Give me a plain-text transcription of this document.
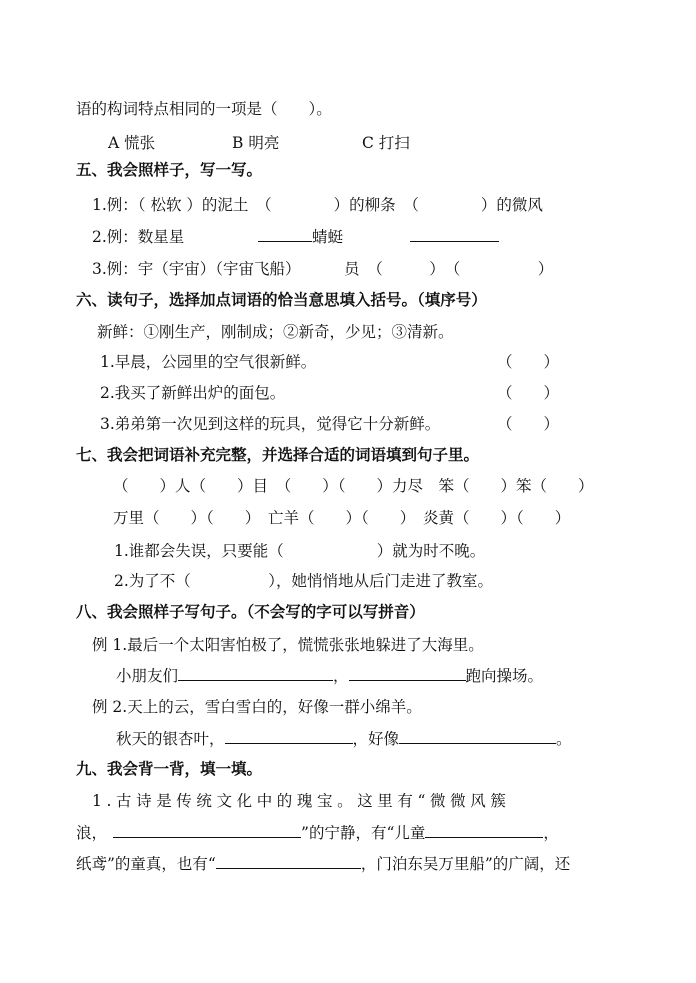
语的构词特点相同的一项是（　　）。
A 慌张	B 明亮	C 打扫
五、我会照样子，写一写。
1.例：（ 松软 ）的泥土　（　　　　）的柳条　（　　　　）的微风
2.例：数星星	蜻蜓
3.例：宇（宇宙）（宇宙飞船）	员　（　　　）　（　　　　　）
六、读句子，选择加点词语的恰当意思填入括号。（填序号）
新鲜：①刚生产，刚制成；②新奇，少见；③清新。
1.早晨，公园里的空气很新鲜。	（　　）
2.我买了新鲜出炉的面包。	（　　）
3.弟弟第一次见到这样的玩具，觉得它十分新鲜。	（　　）
七、我会把词语补充完整，并选择合适的词语填到句子里。
（　　）人（　　）目　（　　）（　　）力尽　笨（　　）笨（　　）
万里（　　）（　　）　亡羊（　　）（　　）　炎黄（　　）（　　）
1.谁都会失误，只要能（　　　　　　）就为时不晚。
2.为了不（　　　　　），她悄悄地从后门走进了教室。
八、我会照样子写句子。（不会写的字可以写拼音）
例 1.最后一个太阳害怕极了，慌慌张张地躲进了大海里。
小朋友们	，	跑向操场。
例 2.天上的云，雪白雪白的，好像一群小绵羊。
秋天的银杏叶，	，好像	。
九、我会背一背，填一填。
1.古诗是传统文化中的瑰宝。这里有“微微风簇
浪，	”的宁静，有“儿童	，
纸鸢”的童真，也有“	，门泊东吴万里船”的广阔，还
